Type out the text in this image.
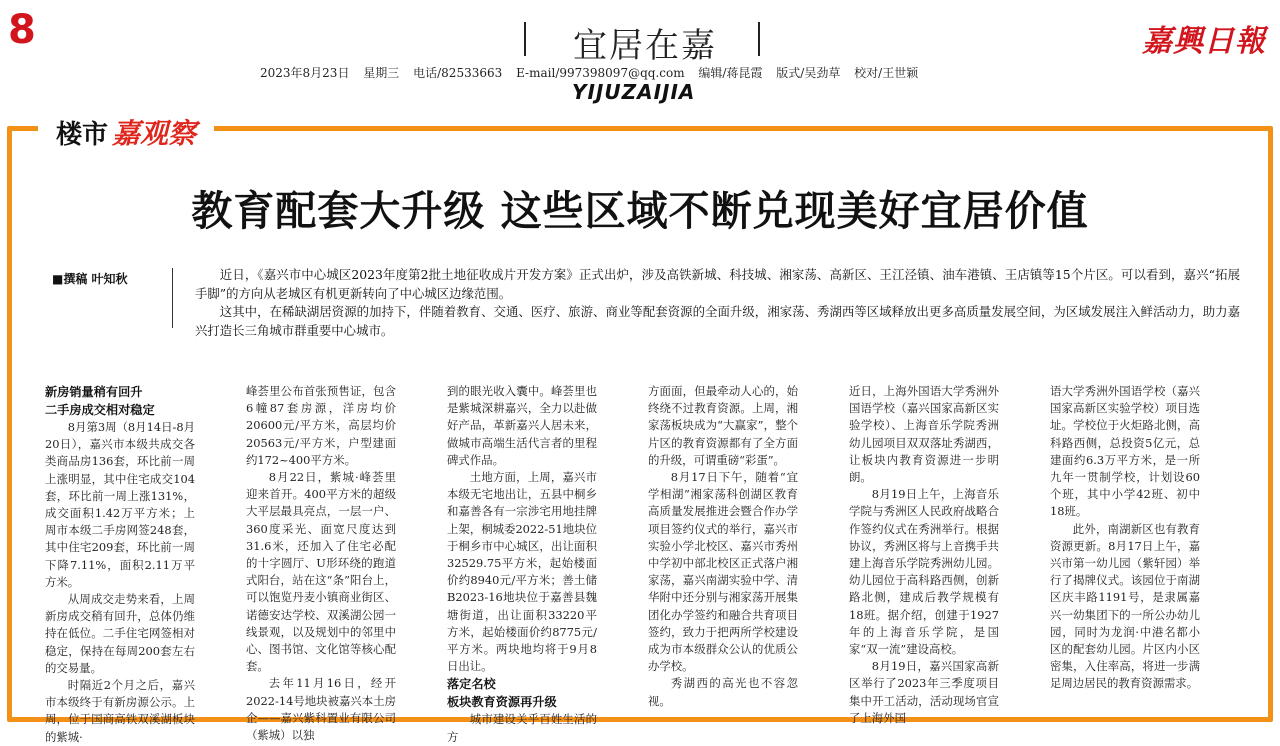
8	宜居在嘉	嘉興日報
2023年8月23日 星期三 电话/82533663 E-mail/997398097@qq.com 编辑/蒋昆霞 版式/吴劲草 校对/王世颖
YIJUZAIJIA
楼市 嘉观察
教育配套大升级 这些区域不断兑现美好宜居价值
■撰稿 叶知秋	近日，《嘉兴市中心城区2023年度第2批土地征收成片开发方案》正式出炉，涉及高铁新城、科技城、湘家荡、高新区、王江泾镇、油车港镇、王店镇等15个片区。可以看到，嘉兴“拓展手脚”的方向从老城区有机更新转向了中心城区边缘范围。

这其中，在稀缺湖居资源的加持下，伴随着教育、交通、医疗、旅游、商业等配套资源的全面升级，湘家荡、秀湖西等区域释放出更多高质量发展空间，为区域发展注入鲜活动力，助力嘉兴打造长三角城市群重要中心城市。

新房销量稍有回升
二手房成交相对稳定

8月第3周（8月14日-8月20日），嘉兴市本级共成交各类商品房136套，环比前一周上涨明显，其中住宅成交104套，环比前一周上涨131%，成交面积1.42万平方米；上周市本级二手房网签248套，其中住宅209套，环比前一周下降7.11%，面积2.11万平方米。

从周成交走势来看，上周新房成交稍有回升，总体仍维持在低位。二手住宅网签相对稳定，保持在每周200套左右的交易量。

时隔近2个月之后，嘉兴市本级终于有新房源公示。上周，位于国商高铁双溪湖板块的紫城·

峰荟里公布首张预售证，包含6幢87套房源，洋房均价20600元/平方米，高层均价20563元/平方米，户型建面约172~400平方米。

8月22日，紫城·峰荟里迎来首开。400平方米的超级大平层最具亮点，一层一户、360度采光、面宽尺度达到31.6米，还加入了住宅必配的十字圆厅、U形环绕的跑道式阳台，站在这“条”阳台上，可以饱览丹麦小镇商业街区、诺德安达学校、双溪湖公园一线景观，以及规划中的邻里中心、图书馆、文化馆等核心配套。

去年11月16日，经开2022-14号地块被嘉兴本土房企——嘉兴紫科置业有限公司（紫城）以独

到的眼光收入囊中。峰荟里也是紫城深耕嘉兴，全力以赴做好产品，革新嘉兴人居未来，做城市高端生活代言者的里程碑式作品。

土地方面，上周，嘉兴市本级无宅地出让，五县中桐乡和嘉善各有一宗涉宅用地挂牌上架，桐城委2022-51地块位于桐乡市中心城区，出让面积32529.75平方米，起始楼面价约8940元/平方米；善土储B2023-16地块位于嘉善县魏塘街道，出让面积33220平方米，起始楼面价约8775元/平方米。两块地均将于9月8日出让。

落定名校
板块教育资源再升级

城市建设关乎百姓生活的方

方面面，但最牵动人心的，始终绕不过教育资源。上周，湘家荡板块成为“大赢家”，整个片区的教育资源都有了全方面的升级，可谓重磅“彩蛋”。

8月17日下午，随着“宜学相湖”湘家荡科创湖区教育高质量发展推进会暨合作办学项目签约仪式的举行，嘉兴市实验小学北校区、嘉兴市秀州中学初中部北校区正式落户湘家荡，嘉兴南湖实验中学、清华附中还分别与湘家荡开展集团化办学签约和融合共育项目签约，致力于把两所学校建设成为市本级群众公认的优质公办学校。

秀湖西的高光也不容忽视。

近日，上海外国语大学秀洲外国语学校（嘉兴国家高新区实验学校）、上海音乐学院秀洲幼儿园项目双双落址秀湖西，让板块内教育资源进一步明朗。

8月19日上午，上海音乐学院与秀洲区人民政府战略合作签约仪式在秀洲举行。根据协议，秀洲区将与上音携手共建上海音乐学院秀洲幼儿园。幼儿园位于高科路西侧，创新路北侧，建成后教学规模有18班。据介绍，创建于1927年的上海音乐学院，是国家“双一流”建设高校。

8月19日，嘉兴国家高新区举行了2023年三季度项目集中开工活动，活动现场官宣了上海外国

语大学秀洲外国语学校（嘉兴国家高新区实验学校）项目选址。学校位于火炬路北侧，高科路西侧，总投资5亿元，总建面约6.3万平方米，是一所九年一贯制学校，计划设60个班，其中小学42班、初中18班。

此外，南湖新区也有教育资源更新。8月17日上午，嘉兴市第一幼儿园（紫轩园）举行了揭牌仪式。该园位于南湖区庆丰路1191号，是隶属嘉兴一幼集团下的一所公办幼儿园，同时为龙润·中港名都小区的配套幼儿园。片区内小区密集，入住率高，将进一步满足周边居民的教育资源需求。
